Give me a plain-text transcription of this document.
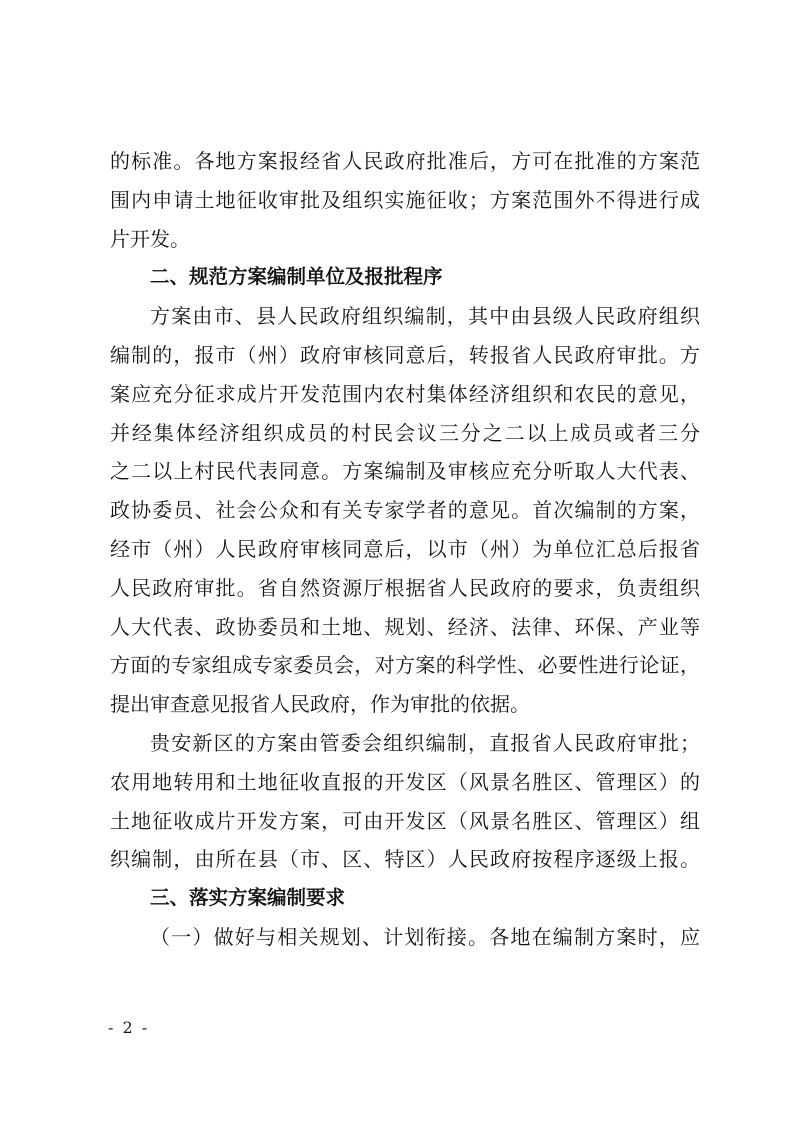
的标准。各地方案报经省人民政府批准后，方可在批准的方案范
围内申请土地征收审批及组织实施征收；方案范围外不得进行成
片开发。
二、规范方案编制单位及报批程序
方案由市、县人民政府组织编制，其中由县级人民政府组织
编制的，报市（州）政府审核同意后，转报省人民政府审批。方
案应充分征求成片开发范围内农村集体经济组织和农民的意见，
并经集体经济组织成员的村民会议三分之二以上成员或者三分
之二以上村民代表同意。方案编制及审核应充分听取人大代表、
政协委员、社会公众和有关专家学者的意见。首次编制的方案，
经市（州）人民政府审核同意后，以市（州）为单位汇总后报省
人民政府审批。省自然资源厅根据省人民政府的要求，负责组织
人大代表、政协委员和土地、规划、经济、法律、环保、产业等
方面的专家组成专家委员会，对方案的科学性、必要性进行论证，
提出审查意见报省人民政府，作为审批的依据。
贵安新区的方案由管委会组织编制，直报省人民政府审批；
农用地转用和土地征收直报的开发区（风景名胜区、管理区）的
土地征收成片开发方案，可由开发区（风景名胜区、管理区）组
织编制，由所在县（市、区、特区）人民政府按程序逐级上报。
三、落实方案编制要求
（一）做好与相关规划、计划衔接。各地在编制方案时，应
- 2 -
